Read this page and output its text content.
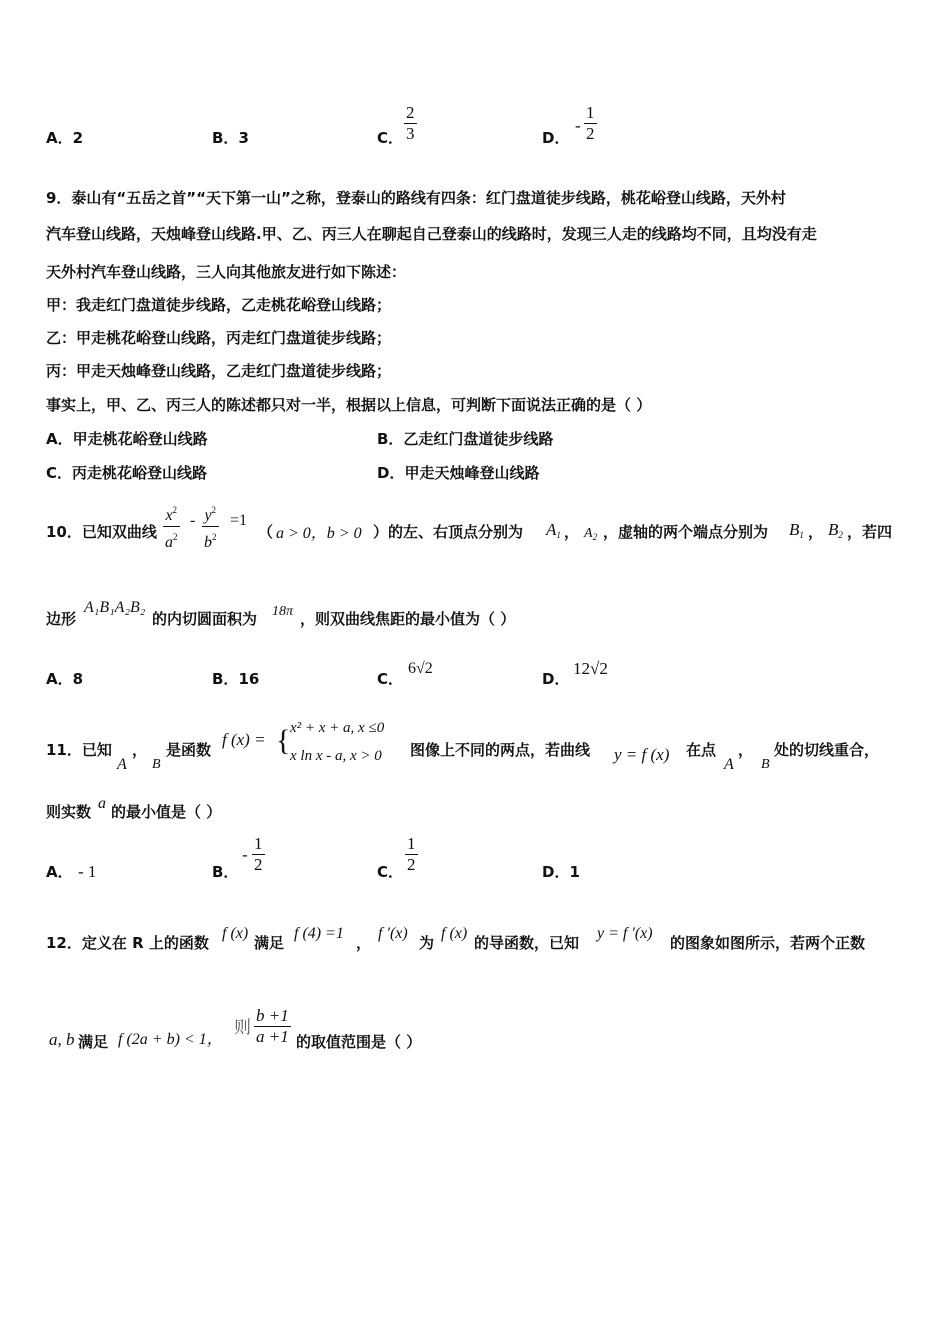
A．2	B．3	C． $\frac{2}{3}$	D．
- $\frac{1}{2}$
9．泰山有“五岳之首”“天下第一山”之称，登泰山的路线有四条：红门盘道徒步线路，桃花峪登山线路，天外村
汽车登山线路，天烛峰登山线路.甲、乙、丙三人在聊起自己登泰山的线路时，发现三人走的线路均不同，且均没有走
天外村汽车登山线路，三人向其他旅友进行如下陈述：
甲：我走红门盘道徒步线路，乙走桃花峪登山线路；
乙：甲走桃花峪登山线路，丙走红门盘道徒步线路；
丙：甲走天烛峰登山线路，乙走红门盘道徒步线路；
事实上，甲、乙、丙三人的陈述都只对一半，根据以上信息，可判断下面说法正确的是（ ）
A．甲走桃花峪登山线路	B．乙走红门盘道徒步线路
C．丙走桃花峪登山线路	D．甲走天烛峰登山线路
10．已知双曲线 $\frac{x^2}{a^2} - \frac{y^2}{b^2} =1$
（ a > 0，b > 0 ）的左、右顶点分别为 $A_1$ ， $A_2$ ，虚轴的两个端点分别为 $B_1$ ， $B_2$ ，若四
边形
A₁B₁A₂B₂
的内切圆面积为 18π ，则双曲线焦距的最小值为（ ）
A．8	B．16	C．
6√2
D．
12√2
11．已知
A
，
B
是函数
f (x) = { x² + x + a, x ≤0
x ln x - a, x > 0 图像上不同的两点，若曲线 y = f (x) 在点
A
，
B
处的切线重合，
则实数 a 的最小值是（ ）
A． - 1	B．
- $\frac{1}{2}$	C． $\frac{1}{2}$	D．1
12．定义在 R 上的函数
f (x)
满足
f (4) =1
，
f ′(x)
为
f (x)
的导函数，已知
y = f ′(x)
的图象如图所示，若两个正数
a, b 满足 f (2a + b) < 1，
则 $\frac{b +1}{a +1}$ 的取值范围是（ ）
